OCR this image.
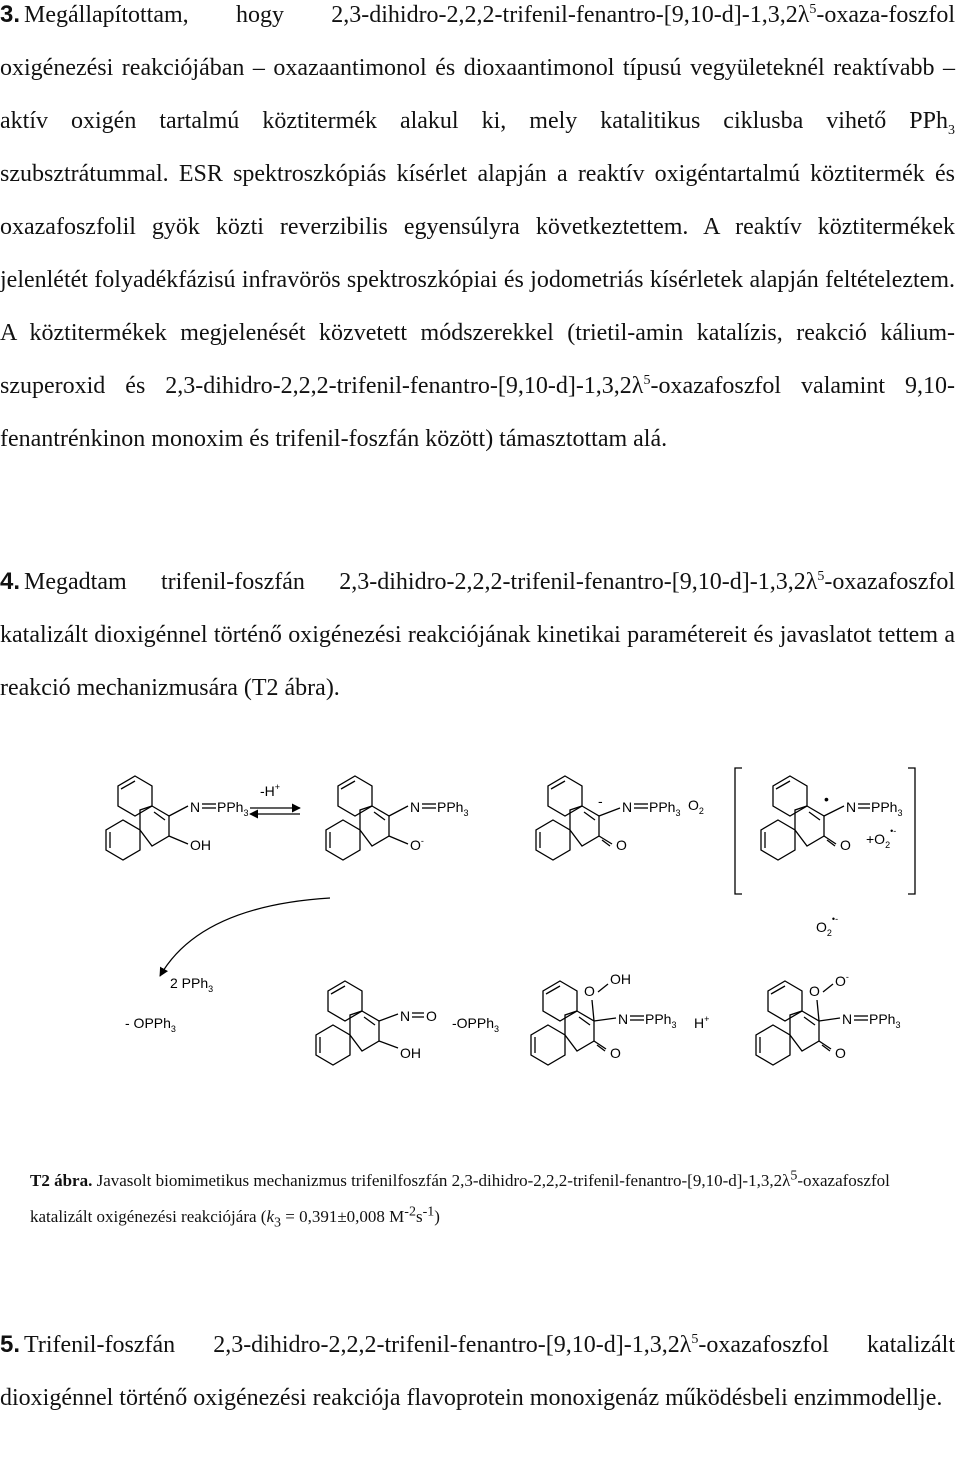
3. Megállapítottam, hogy $2,3-dihidro-2,2,2-trifenil-fenantro-[9,10-d]-1,3,2\lambda^5-oxaza$-foszfol oxigénezési reakciójában – oxazaantimonol és dioxaantimonol típusú vegyületeknél reaktívabb – aktív oxigén tartalmú köztitermék alakul ki, mely katalitikus ciklusba vihető PPh$_3$ szubsztrátummal. ESR spektroszkópiás kísérlet alapján a reaktív oxigéntartalmú köztitermék és oxazafoszfolil gyök közti reverzibilis egyensúlyra következtettem. A reaktív köztitermékek jelenlétét folyadékfázisú infravörös spektroszkópiai és jodometriás kísérletek alapján feltételeztem. A köztitermékek megjelenését közvetett módszerekkel (trietil-amin katalízis, reakció kálium-szuperoxid és $2,3-dihidro-2,2,2-trifenil-fenantro-[9,10-d]-1,3,2\lambda^5$-oxazafoszfol valamint 9,10-fenantrénkinon monoxim és trifenil-foszfán között) támasztottam alá.

4. Megadtam trifenil-foszfán $2,3-dihidro-2,2,2-trifenil-fenantro-[9,10-d]-1,3,2\lambda^5$-oxazafoszfol katalizált dioxigénnel történő oxigénezési reakciójának kinetikai paramétereit és javaslatot tettem a reakció mechanizmusára (T2 ábra).

N PPh$_3$
OH
-H+
N PPh$_3$
O-
- N PPh$_3$
O
$O_2$
• N PPh$_3$
$O +O_2^•-$
$O_2^•-$
2 PPh$_3$
- OPPh$_3$
N O
OH
-OPPh$_3$
O
OH
N PPh$_3$
O
H+
O
O-
N PPh$_3$
O

T2 ábra. Javasolt biomimetikus mechanizmus trifenilfoszfán $2,3-dihidro-2,2,2-trifenil-fenantro-[9,10-d]-1,3,2\lambda^5$-oxazafoszfol katalizált oxigénezési reakciójára ($k_3 = 0,391\pm 0,008$ $M^{-2}s^{-1}$)

5. Trifenil-foszfán $2,3-dihidro-2,2,2-trifenil-fenantro-[9,10-d]-1,3,2\lambda^5$-oxazafoszfol katalizált dioxigénnel történő oxigénezési reakciója flavoprotein monoxigenáz működésbeli enzimmodellje.
